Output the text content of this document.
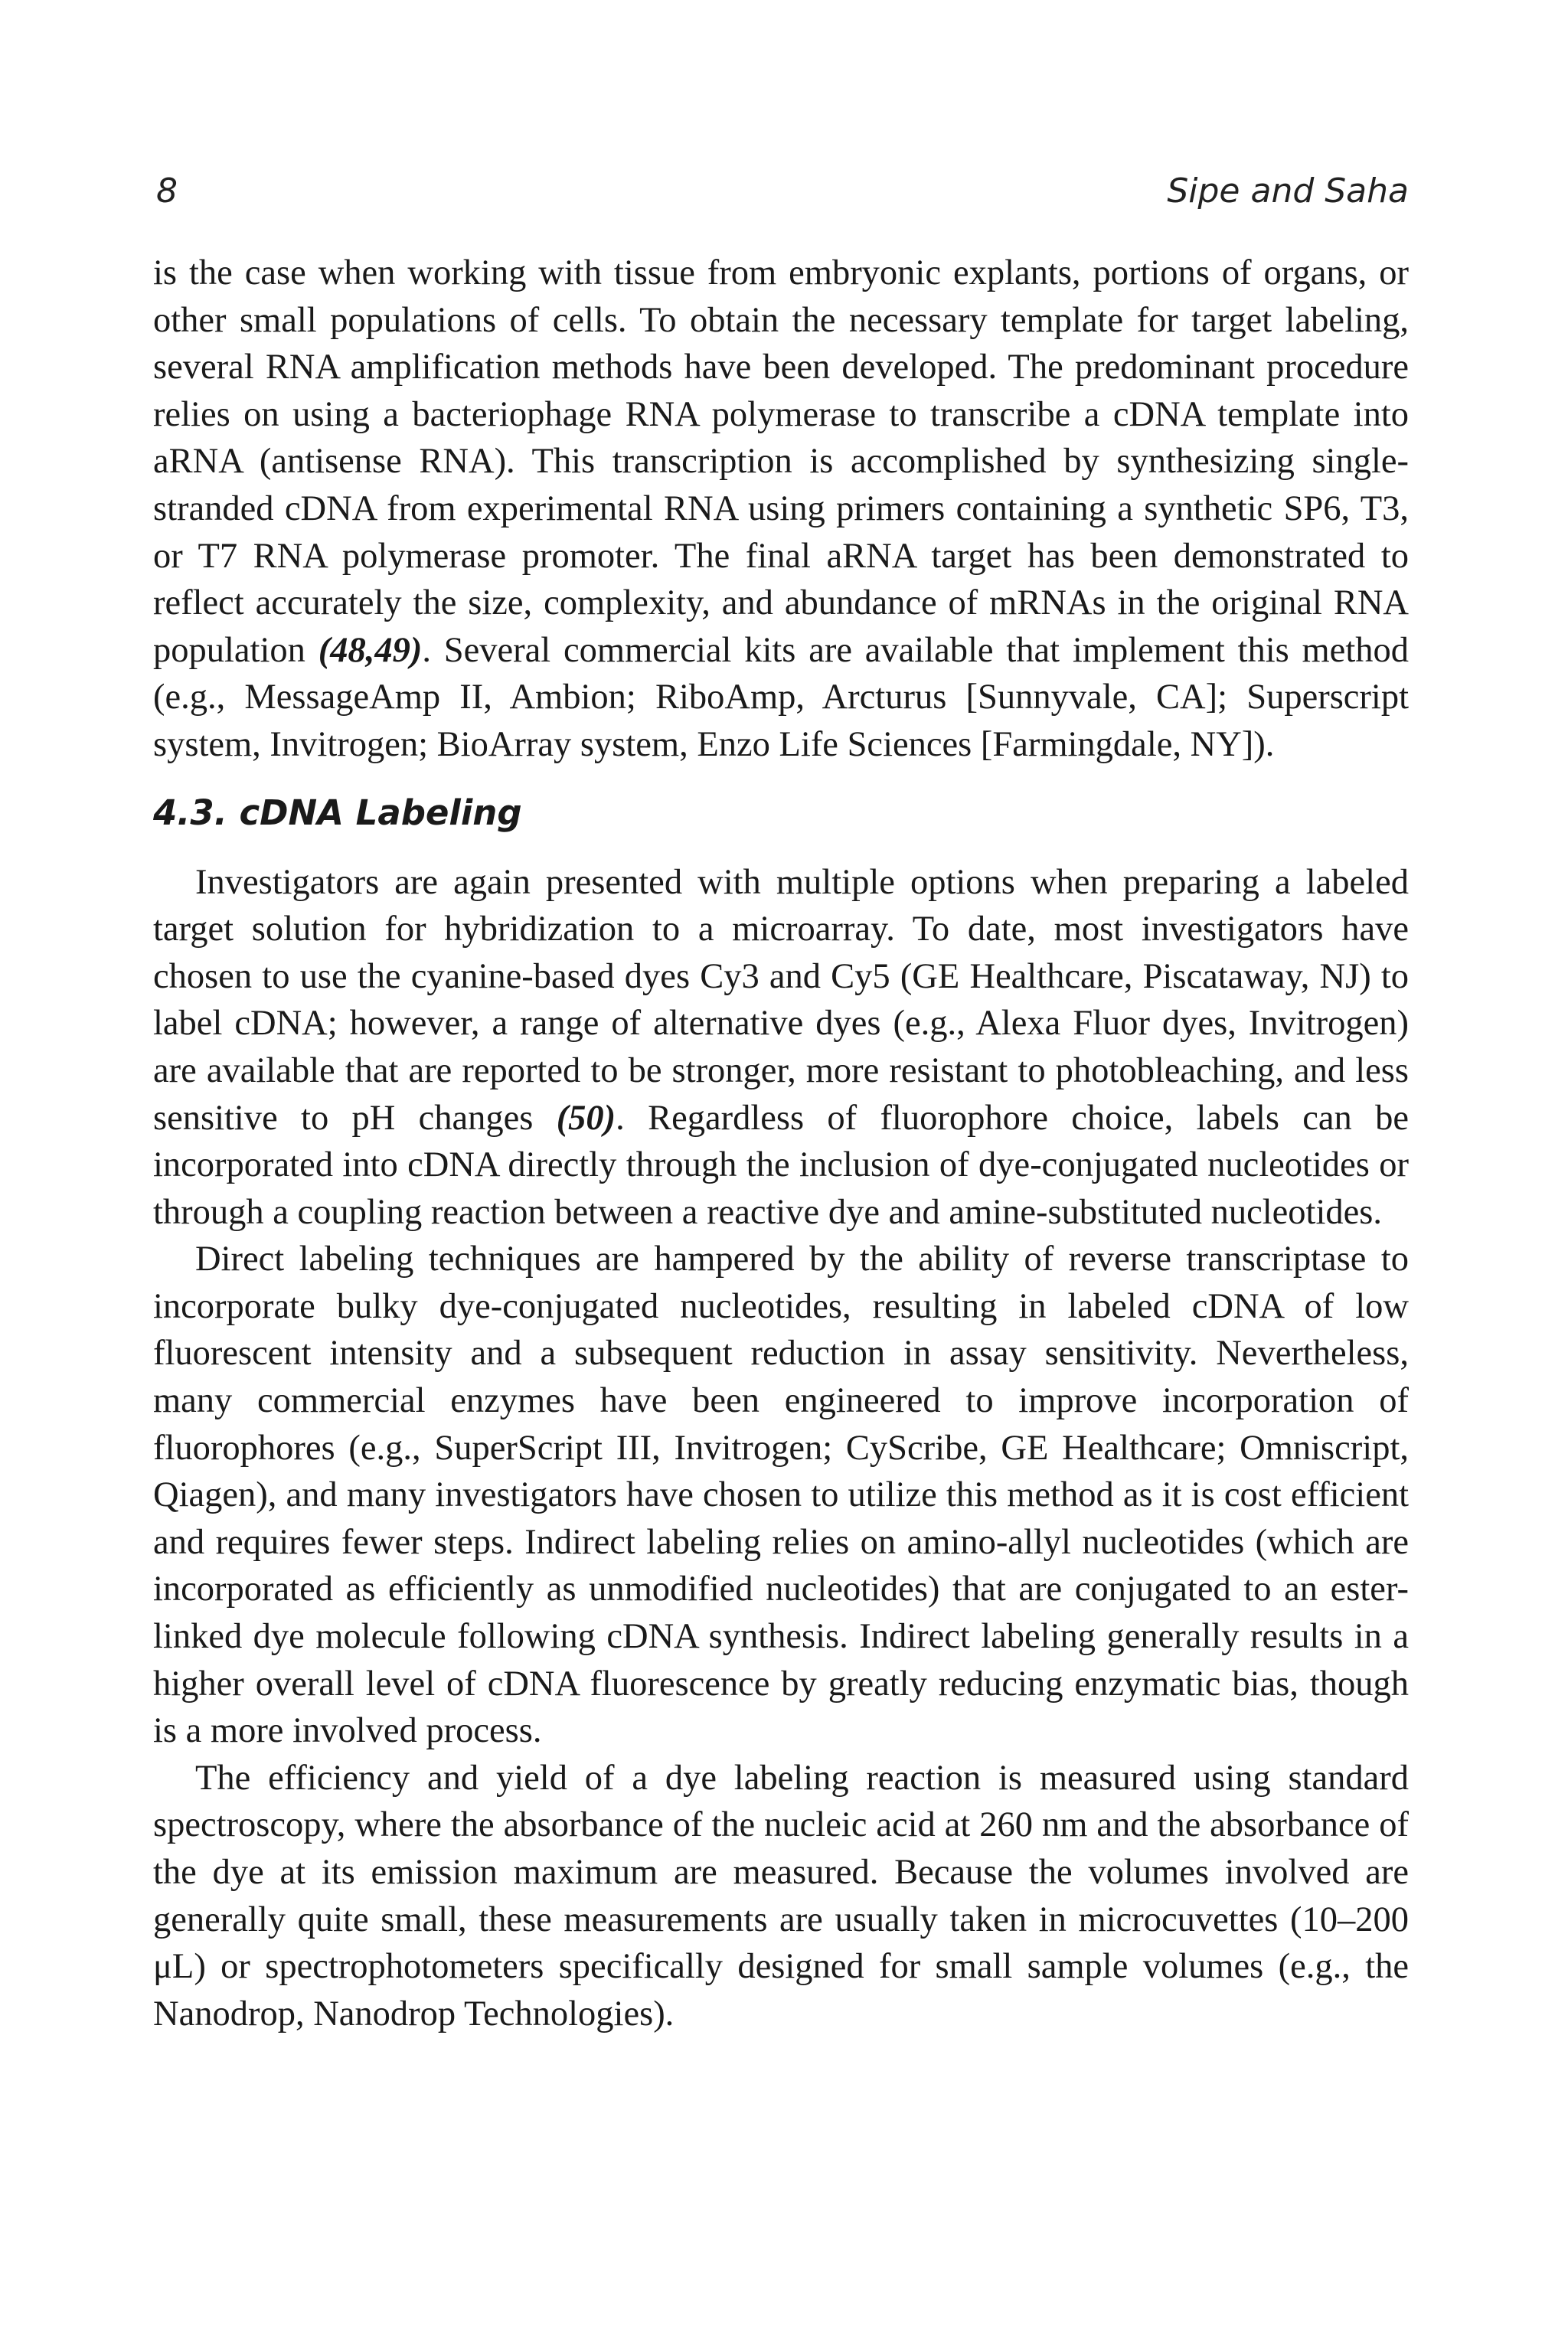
8	Sipe and Saha

is the case when working with tissue from embryonic explants, portions of organs, or other small populations of cells. To obtain the necessary template for target labeling, several RNA amplification methods have been developed. The predominant procedure relies on using a bacteriophage RNA polymerase to transcribe a cDNA template into aRNA (antisense RNA). This transcription is accomplished by synthesizing single-stranded cDNA from experimental RNA using primers containing a synthetic SP6, T3, or T7 RNA polymerase promoter. The final aRNA target has been demonstrated to reflect accurately the size, complexity, and abundance of mRNAs in the original RNA population (48,49). Several commercial kits are available that implement this method (e.g., MessageAmp II, Ambion; RiboAmp, Arcturus [Sunnyvale, CA]; Superscript system, Invitrogen; BioArray system, Enzo Life Sciences [Farmingdale, NY]).

4.3. cDNA Labeling

Investigators are again presented with multiple options when preparing a labeled target solution for hybridization to a microarray. To date, most investigators have chosen to use the cyanine-based dyes Cy3 and Cy5 (GE Healthcare, Piscataway, NJ) to label cDNA; however, a range of alternative dyes (e.g., Alexa Fluor dyes, Invitrogen) are available that are reported to be stronger, more resistant to photobleaching, and less sensitive to pH changes (50). Regardless of fluorophore choice, labels can be incorporated into cDNA directly through the inclusion of dye-conjugated nucleotides or through a coupling reaction between a reactive dye and amine-substituted nucleotides.

Direct labeling techniques are hampered by the ability of reverse transcriptase to incorporate bulky dye-conjugated nucleotides, resulting in labeled cDNA of low fluorescent intensity and a subsequent reduction in assay sensitivity. Nevertheless, many commercial enzymes have been engineered to improve incorporation of fluorophores (e.g., SuperScript III, Invitrogen; CyScribe, GE Healthcare; Omniscript, Qiagen), and many investigators have chosen to utilize this method as it is cost efficient and requires fewer steps. Indirect labeling relies on amino-allyl nucleotides (which are incorporated as efficiently as unmodified nucleotides) that are conjugated to an ester-linked dye molecule following cDNA synthesis. Indirect labeling generally results in a higher overall level of cDNA fluorescence by greatly reducing enzymatic bias, though is a more involved process.

The efficiency and yield of a dye labeling reaction is measured using standard spectroscopy, where the absorbance of the nucleic acid at 260 nm and the absorbance of the dye at its emission maximum are measured. Because the volumes involved are generally quite small, these measurements are usually taken in microcuvettes (10–200 μL) or spectrophotometers specifically designed for small sample volumes (e.g., the Nanodrop, Nanodrop Technologies).
